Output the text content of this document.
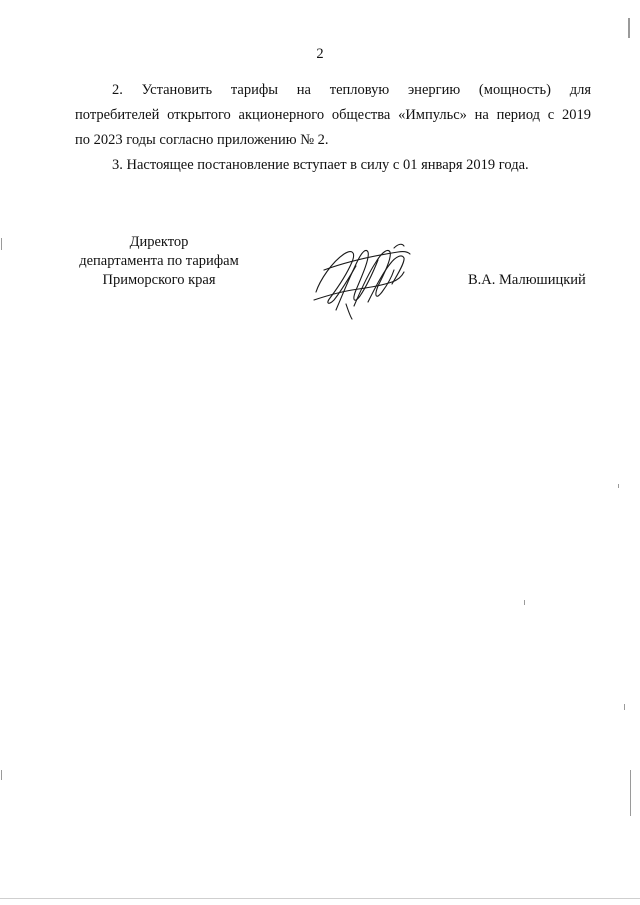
2
2. Установить тарифы на тепловую энергию (мощность) для
потребителей открытого акционерного общества «Импульс» на период с 2019
по 2023 годы согласно приложению № 2.
3. Настоящее постановление вступает в силу с 01 января 2019 года.
Директор
департамента по тарифам
Приморского края	В.А. Малюшицкий
